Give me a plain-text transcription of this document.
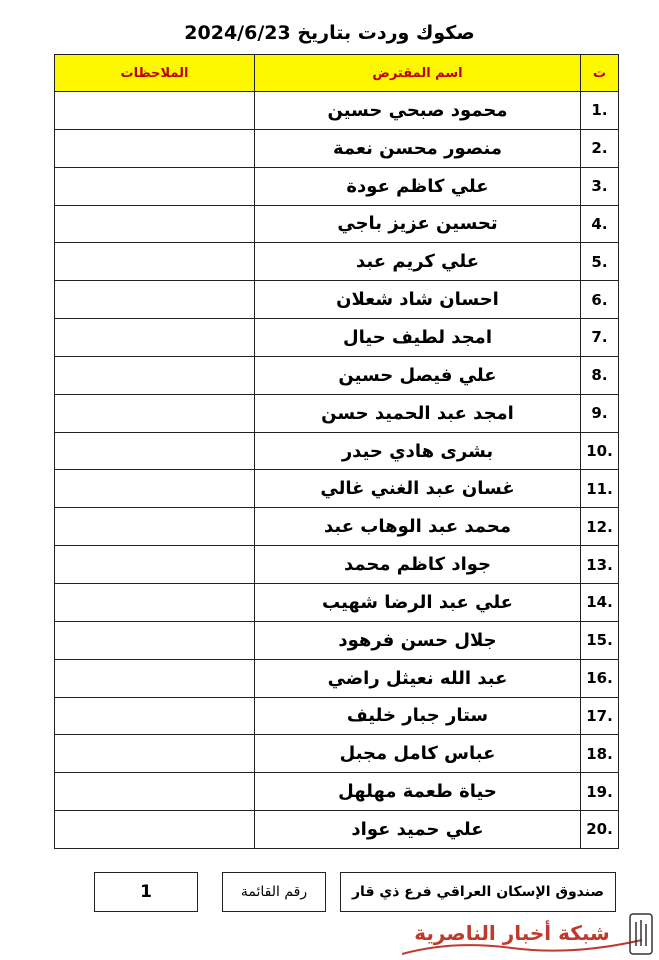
صكوك وردت بتاريخ 2024/6/23
ت	اسم المقترض	الملاحظات
1.	محمود صبحي حسين	
2.	منصور محسن نعمة	
3.	علي كاظم عودة	
4.	تحسين عزيز باجي	
5.	علي كريم عبد	
6.	احسان شاد شعلان	
7.	امجد لطيف حيال	
8.	علي فيصل حسين	
9.	امجد عبد الحميد حسن	
10.	بشرى هادي حيدر	
11.	غسان عبد الغني غالي	
12.	محمد عبد الوهاب عبد	
13.	جواد كاظم محمد	
14.	علي عبد الرضا شهيب	
15.	جلال حسن فرهود	
16.	عبد الله نعيثل راضي	
17.	ستار جبار خليف	
18.	عباس كامل مجبل	
19.	حياة طعمة مهلهل	
20.	علي حميد عواد	
صندوق الإسكان العراقي فرع ذي قار
رقم القائمة
1
شبكة أخبار الناصرية
